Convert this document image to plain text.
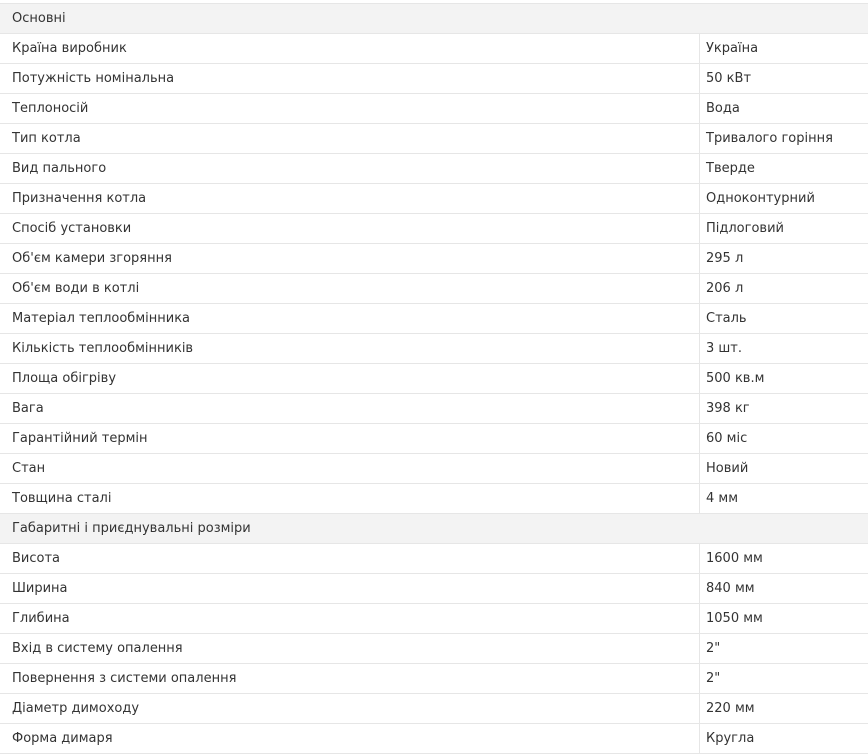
Основні
Країна виробник	Україна
Потужність номінальна	50 кВт
Теплоносій	Вода
Тип котла	Тривалого горіння
Вид пального	Тверде
Призначення котла	Одноконтурний
Спосіб установки	Підлоговий
Об'єм камери згоряння	295 л
Об'єм води в котлі	206 л
Матеріал теплообмінника	Сталь
Кількість теплообмінників	3 шт.
Площа обігріву	500 кв.м
Вага	398 кг
Гарантійний термін	60 міс
Стан	Новий
Товщина сталі	4 мм
Габаритні і приєднувальні розміри
Висота	1600 мм
Ширина	840 мм
Глибина	1050 мм
Вхід в систему опалення	2"
Повернення з системи опалення	2"
Діаметр димоходу	220 мм
Форма димаря	Кругла
